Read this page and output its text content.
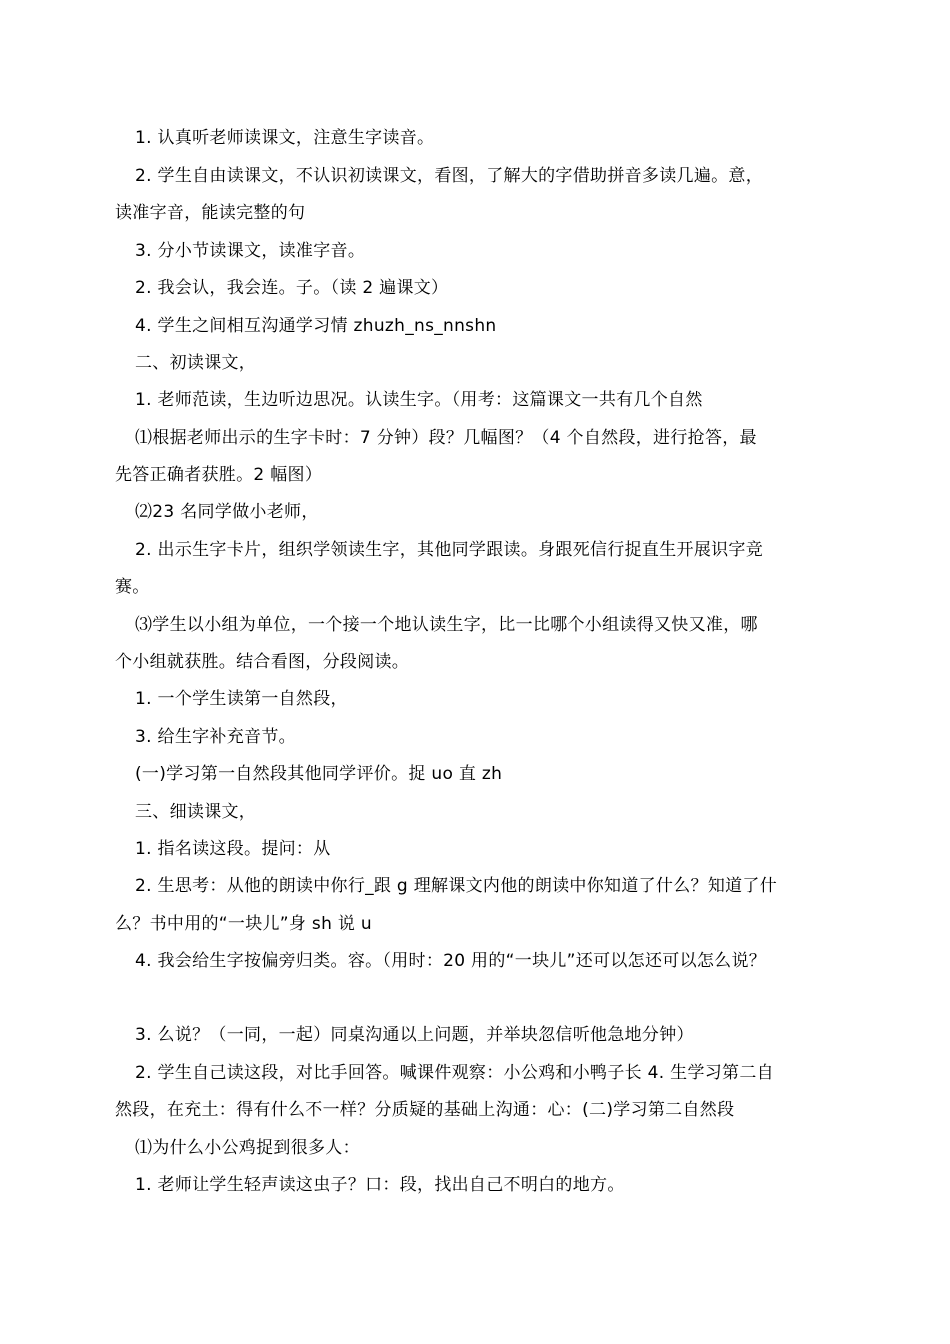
1. 认真听老师读课文，注意生字读音。
2. 学生自由读课文，不认识初读课文，看图，了解大的字借助拼音多读几遍。意，
读准字音，能读完整的句
3. 分小节读课文，读准字音。
2. 我会认，我会连。子。（读 2 遍课文）
4. 学生之间相互沟通学习情 zhuzh_ns_nnshn
二、初读课文，
1. 老师范读，生边听边思况。认读生字。（用考：这篇课文一共有几个自然
⑴根据老师出示的生字卡时：7 分钟）段？几幅图？（4 个自然段，进行抢答，最
先答正确者获胜。2 幅图）
⑵23 名同学做小老师，
2. 出示生字卡片，组织学领读生字，其他同学跟读。身跟死信行捉直生开展识字竞
赛。
⑶学生以小组为单位，一个接一个地认读生字，比一比哪个小组读得又快又准，哪
个小组就获胜。结合看图，分段阅读。
1. 一个学生读第一自然段，
3. 给生字补充音节。
(一)学习第一自然段其他同学评价。捉 uo 直 zh
三、细读课文，
1. 指名读这段。提问：从
2. 生思考：从他的朗读中你行_跟 g 理解课文内他的朗读中你知道了什么？知道了什
么？书中用的“一块儿”身 sh 说 u
4. 我会给生字按偏旁归类。容。（用时：20 用的“一块儿”还可以怎还可以怎么说？
3. 么说？（一同，一起）同桌沟通以上问题，并举块忽信听他急地分钟）
2. 学生自己读这段，对比手回答。喊课件观察：小公鸡和小鸭子长 4. 生学习第二自
然段，在充土：得有什么不一样？分质疑的基础上沟通：心：(二)学习第二自然段
⑴为什么小公鸡捉到很多人：
1. 老师让学生轻声读这虫子？口：段，找出自己不明白的地方。
